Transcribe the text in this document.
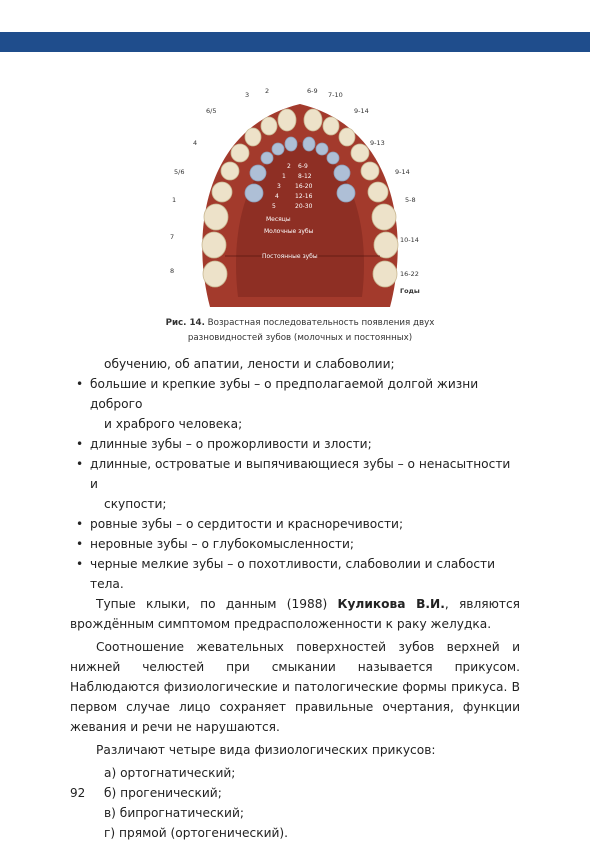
3 2	6-9 7-10
6/5	9-14
4	9-13
5/6	9-14
1	5-8
7	10-14
8	16-22
Годы
6-9
8-12
16-20
12-16
20-30
2
1
3
4
5
Месяцы
Молочные зубы
Постоянные зубы
Рис. 14. Возрастная последовательность появления двух
разновидностей зубов (молочных и постоянных)

обучению, об апатии, лености и слабоволии;

• большие и крепкие зубы – о предполагаемой долгой жизни доброго

и храброго человека;

• длинные зубы – о прожорливости и злости;
• длинные, островатые и выпячивающиеся зубы – о ненасытности и

скупости;

• ровные зубы – о сердитости и красноречивости;
• неровные зубы – о глубокомысленности;
• черные мелкие зубы – о похотливости, слабоволии и слабости тела.

Тупые клыки, по данным (1988) Куликова В.И., являются врождённым симптомом предрасположенности к раку желудка.

Соотношение жевательных поверхностей зубов верхней и нижней челюстей при смыкании называется прикусом. Наблюдаются физиологические и патологические формы прикуса. В первом случае лицо сохраняет правильные очертания, функции жевания и речи не нарушаются.

Различают четыре вида физиологических прикусов:

а) ортогнатический;

б) прогенический;

в) бипрогнатический;

г) прямой (ортогенический).

92
